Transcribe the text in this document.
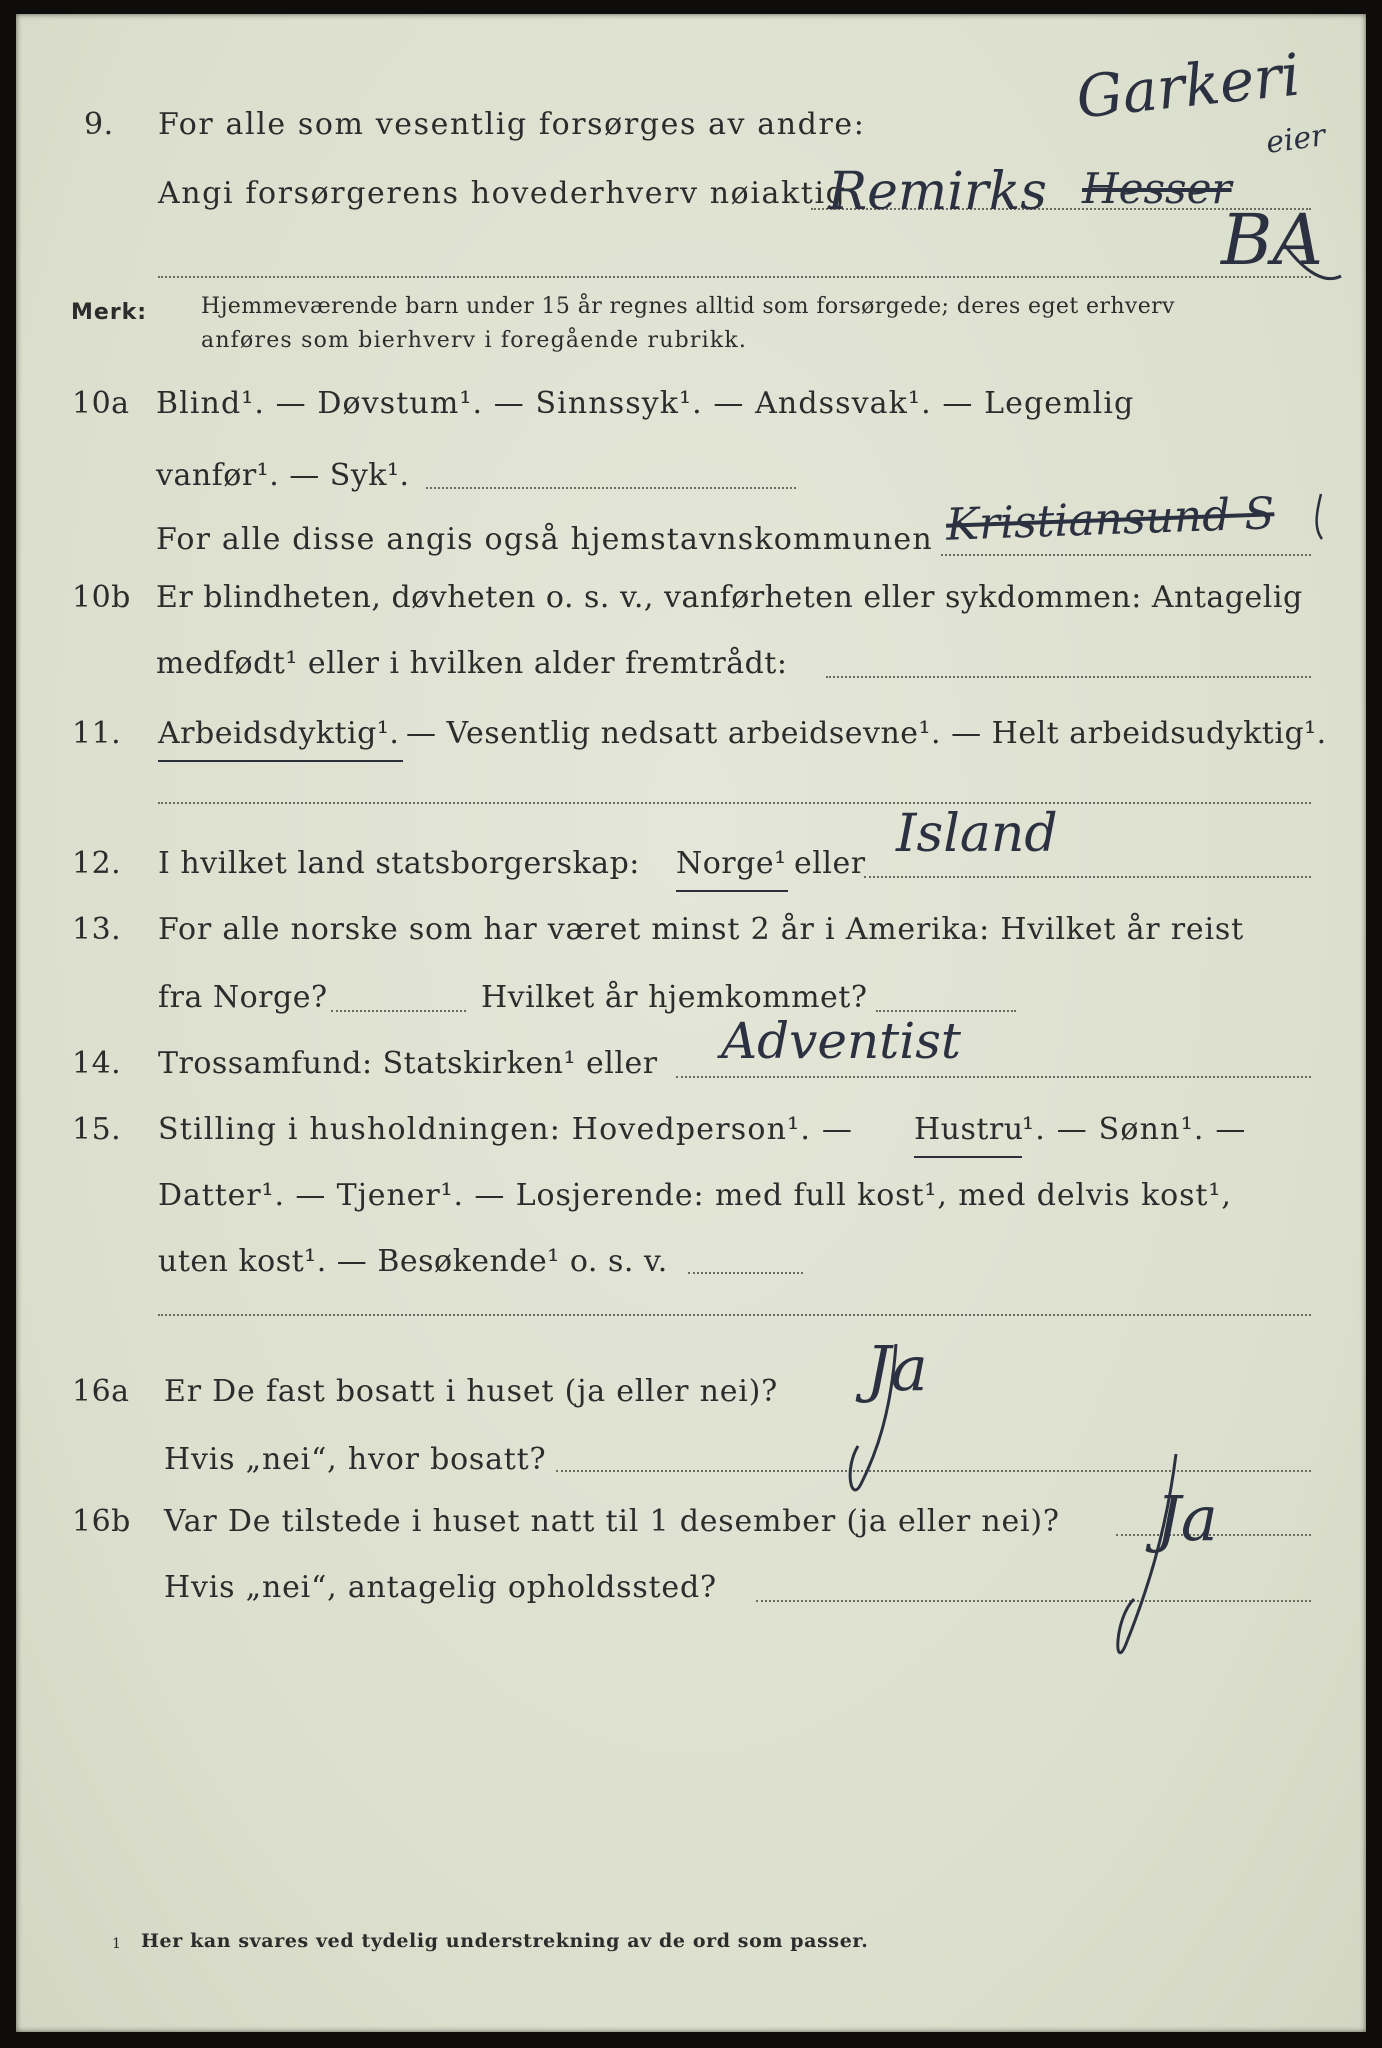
9. For alle som vesentlig forsørges av andre:
Angi forsørgerens hovederhverv nøiaktig
Garkeri
eier
Remirks Hesser
BA
Merk: Hjemmeværende barn under 15 år regnes alltid som forsørgede; deres eget erhverv
anføres som bierhverv i foregående rubrikk.
10a Blind¹. — Døvstum¹. — Sinnssyk¹. — Andssvak¹. — Legemlig
vanfør¹. — Syk¹.
For alle disse angis også hjemstavnskommunen Kristiansund S
10b Er blindheten, døvheten o. s. v., vanførheten eller sykdommen: Antagelig
medfødt¹ eller i hvilken alder fremtrådt:
11. Arbeidsdyktig¹. — Vesentlig nedsatt arbeidsevne¹. — Helt arbeidsudyktig¹.
12. I hvilket land statsborgerskap: Norge¹ eller Island
13. For alle norske som har været minst 2 år i Amerika: Hvilket år reist
fra Norge?	Hvilket år hjemkommet?
14. Trossamfund: Statskirken¹ eller Adventist
15. Stilling i husholdningen: Hovedperson¹. — Hustru
¹. — Sønn¹. —
Datter¹. — Tjener¹. — Losjerende: med full kost¹, med delvis kost¹,
uten kost¹. — Besøkende¹ o. s. v.
16a Er De fast bosatt i huset (ja eller nei)?
Hvis „nei“, hvor bosatt?
Ja
16b Var De tilstede i huset natt til 1 desember (ja eller nei)?
Hvis „nei“, antagelig opholdssted?
Ja
1 Her kan svares ved tydelig understrekning av de ord som passer.
